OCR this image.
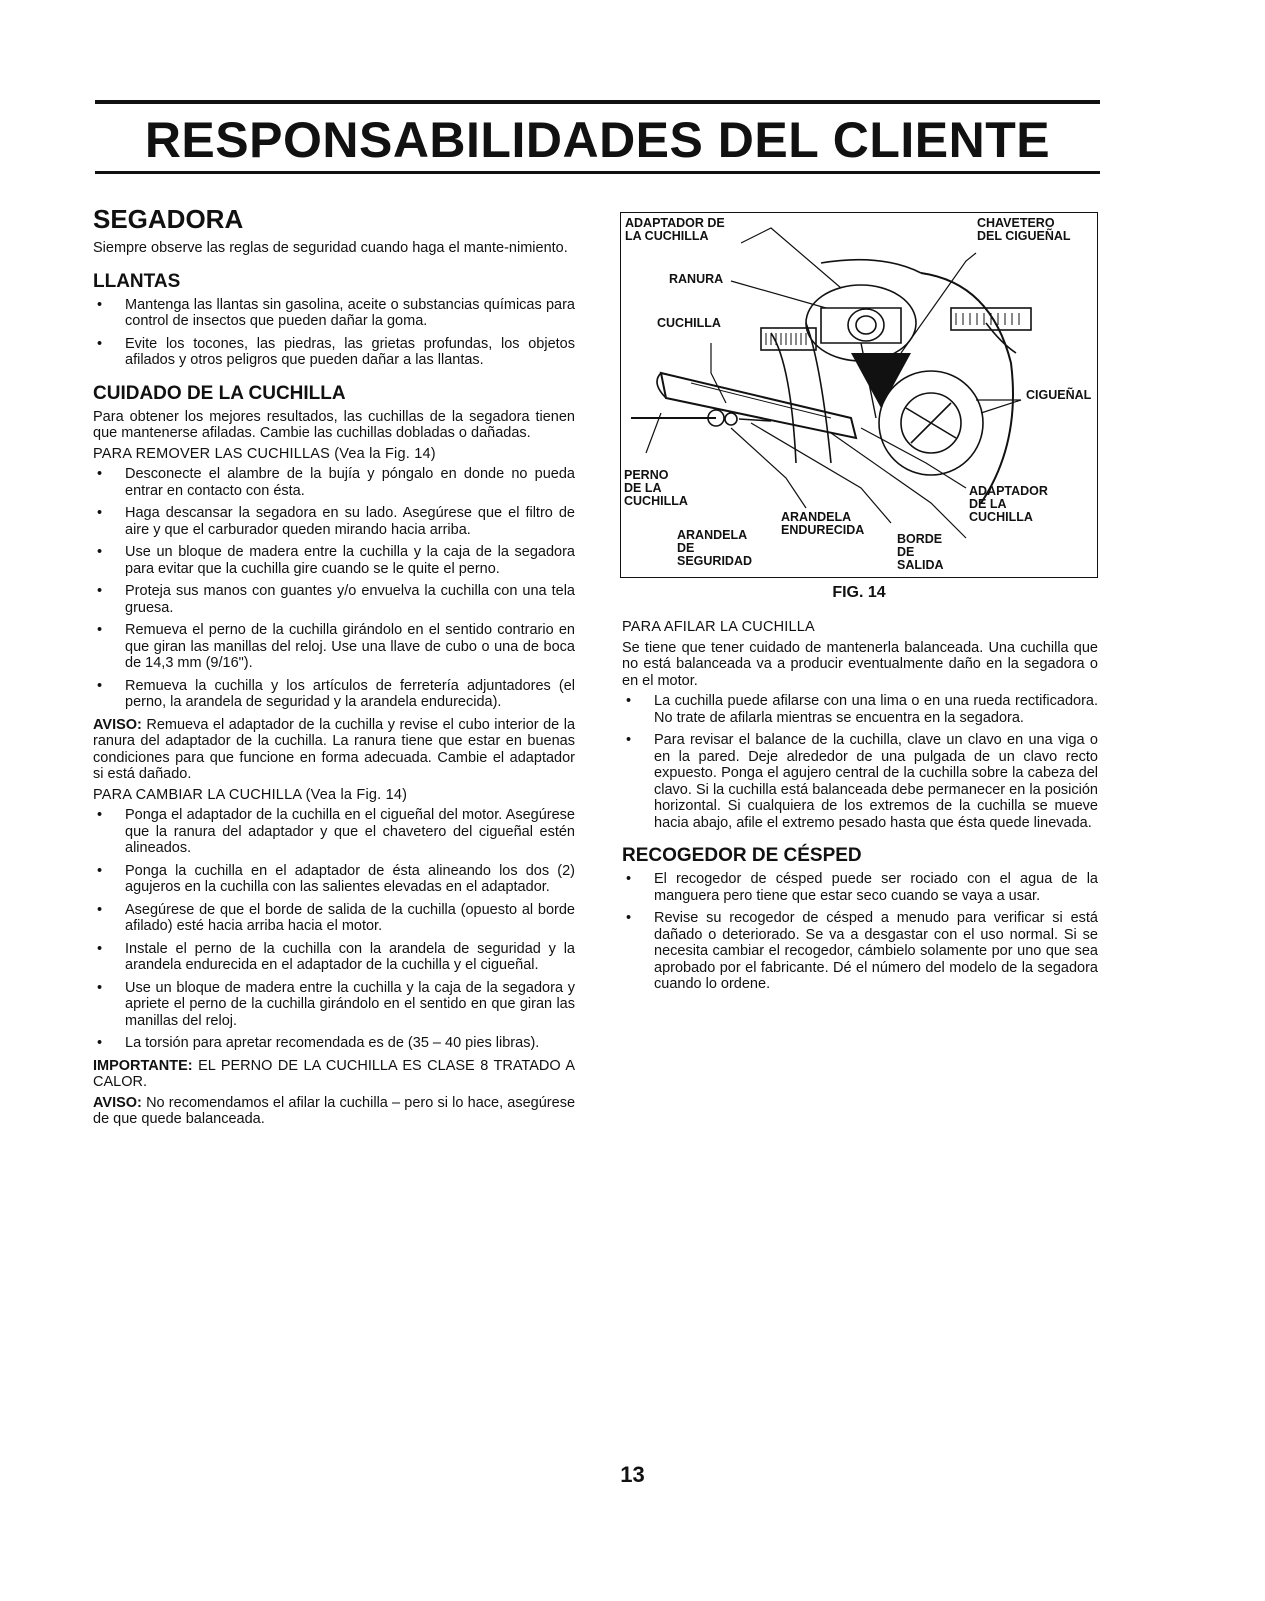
RESPONSABILIDADES DEL CLIENTE
SEGADORA

Siempre observe las reglas de seguridad cuando haga el mante-nimiento.

LLANTAS
• Mantenga las llantas sin gasolina, aceite o substancias químicas para control de insectos que pueden dañar la goma.
• Evite los tocones, las piedras, las grietas profundas, los objetos afilados y otros peligros que pueden dañar a las llantas.
CUIDADO DE LA CUCHILLA

Para obtener los mejores resultados, las cuchillas de la segadora tienen que mantenerse afiladas. Cambie las cuchillas dobladas o dañadas.

PARA REMOVER LAS CUCHILLAS (Vea la Fig. 14)

• Desconecte el alambre de la bujía y póngalo en donde no pueda entrar en contacto con ésta.
• Haga descansar la segadora en su lado. Asegúrese que el filtro de aire y que el carburador queden mirando hacia arriba.
• Use un bloque de madera entre la cuchilla y la caja de la segadora para evitar que la cuchilla gire cuando se le quite el perno.
• Proteja sus manos con guantes y/o envuelva la cuchilla con una tela gruesa.
• Remueva el perno de la cuchilla girándolo en el sentido contrario en que giran las manillas del reloj. Use una llave de cubo o una de boca de 14,3 mm (9/16").
• Remueva la cuchilla y los artículos de ferretería adjuntadores (el perno, la arandela de seguridad y la arandela endurecida).

AVISO: Remueva el adaptador de la cuchilla y revise el cubo interior de la ranura del adaptador de la cuchilla. La ranura tiene que estar en buenas condiciones para que funcione en forma adecuada. Cambie el adaptador si está dañado.

PARA CAMBIAR LA CUCHILLA (Vea la Fig. 14)

• Ponga el adaptador de la cuchilla en el cigueñal del motor. Asegúrese que la ranura del adaptador y que el chavetero del cigueñal estén alineados.
• Ponga la cuchilla en el adaptador de ésta alineando los dos (2) agujeros en la cuchilla con las salientes elevadas en el adaptador.
• Asegúrese de que el borde de salida de la cuchilla (opuesto al borde afilado) esté hacia arriba hacia el motor.
• Instale el perno de la cuchilla con la arandela de seguridad y la arandela endurecida en el adaptador de la cuchilla y el cigueñal.
• Use un bloque de madera entre la cuchilla y la caja de la segadora y apriete el perno de la cuchilla girándolo en el sentido en que giran las manillas del reloj.
• La torsión para apretar recomendada es de (35 – 40 pies libras).

IMPORTANTE: EL PERNO DE LA CUCHILLA ES CLASE 8 TRATADO A CALOR.

AVISO: No recomendamos el afilar la cuchilla – pero si lo hace, asegúrese de que quede balanceada.

ADAPTADOR DE
LA CUCHILLA
CHAVETERO
DEL CIGUEÑAL
RANURA
CUCHILLA
CIGUEÑAL
PERNO
DE LA
CUCHILLA
ADAPTADOR
DE LA
CUCHILLA
ARANDELA
ENDURECIDA
ARANDELA
DE
SEGURIDAD
BORDE
DE
SALIDA
FIG. 14

PARA AFILAR LA CUCHILLA

Se tiene que tener cuidado de mantenerla balanceada. Una cuchilla que no está balanceada va a producir eventualmente daño en la segadora o en el motor.

• La cuchilla puede afilarse con una lima o en una rueda rectificadora. No trate de afilarla mientras se encuentra en la segadora.
• Para revisar el balance de la cuchilla, clave un clavo en una viga o en la pared. Deje alrededor de una pulgada de un clavo recto expuesto. Ponga el agujero central de la cuchilla sobre la cabeza del clavo. Si la cuchilla está balanceada debe permanecer en la posición horizontal. Si cualquiera de los extremos de la cuchilla se mueve hacia abajo, afile el extremo pesado hasta que ésta quede linevada.
RECOGEDOR DE CÉSPED
• El recogedor de césped puede ser rociado con el agua de la manguera pero tiene que estar seco cuando se vaya a usar.
• Revise su recogedor de césped a menudo para verificar si está dañado o deteriorado. Se va a desgastar con el uso normal. Si se necesita cambiar el recogedor, cámbielo solamente por uno que sea aprobado por el fabricante. Dé el número del modelo de la segadora cuando lo ordene.
13
